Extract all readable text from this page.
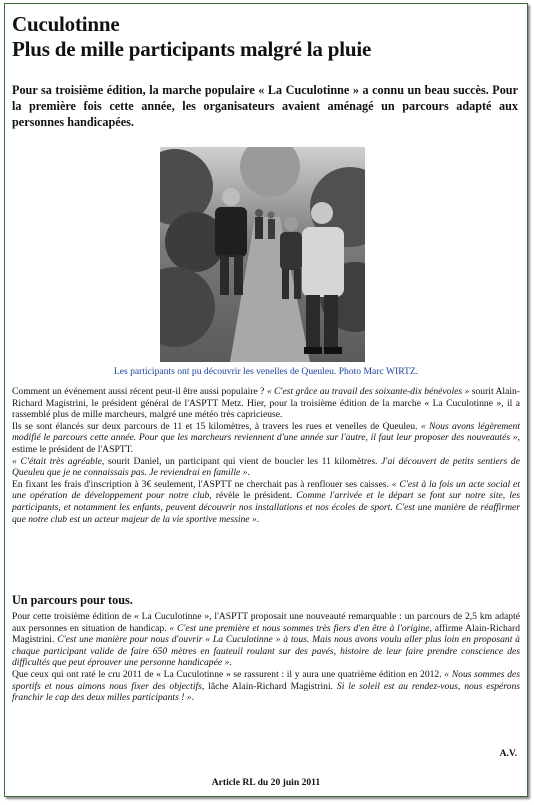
Cuculotinne
Plus de mille participants malgré la pluie

Pour sa troisième édition, la marche populaire « La Cuculotinne » a connu un beau succès. Pour la première fois cette année, les organisateurs avaient aménagé un parcours adapté aux personnes handicapées.

Les participants ont pu découvrir les venelles de Queuleu. Photo Marc WIRTZ.

Comment un événement aussi récent peut-il être aussi populaire ? « C'est grâce au travail des soixante-dix bénévoles » sourit Alain-Richard Magistrini, le président général de l'ASPTT Metz. Hier, pour la troisième édition de la marche « La Cuculotinne », il a rassemblé plus de mille marcheurs, malgré une météo très capricieuse.

Ils se sont élancés sur deux parcours de 11 et 15 kilomètres, à travers les rues et venelles de Queuleu. « Nous avons légèrement modifié le parcours cette année. Pour que les marcheurs reviennent d'une année sur l'autre, il faut leur proposer des nouveautés », estime le président de l'ASPTT.

« C'était très agréable, sourit Daniel, un participant qui vient de boucler les 11 kilomètres. J'ai découvert de petits sentiers de Queuleu que je ne connaissais pas. Je reviendrai en famille ».

En fixant les frais d'inscription à 3€ seulement, l'ASPTT ne cherchait pas à renflouer ses caisses. « C'est à la fois un acte social et une opération de développement pour notre club, révèle le président. Comme l'arrivée et le départ se font sur notre site, les participants, et notamment les enfants, peuvent découvrir nos installations et nos écoles de sport. C'est une manière de réaffirmer que notre club est un acteur majeur de la vie sportive messine ».

Un parcours pour tous.

Pour cette troisième édition de « La Cuculotinne », l'ASPTT proposait une nouveauté remarquable : un parcours de 2,5 km adapté aux personnes en situation de handicap. « C'est une première et nous sommes très fiers d'en être à l'origine, affirme Alain-Richard Magistrini. C'est une manière pour nous d'ouvrir « La Cuculotinne » à tous. Mais nous avons voulu aller plus loin en proposant à chaque participant valide de faire 650 mètres en fauteuil roulant sur des pavés, histoire de leur faire prendre conscience des difficultés que peut éprouver une personne handicapée ».

Que ceux qui ont raté le cru 2011 de « La Cuculotinne » se rassurent : il y aura une quatrième édition en 2012. « Nous sommes des sportifs et nous aimons nous fixer des objectifs, lâche Alain-Richard Magistrini. Si le soleil est au rendez-vous, nous espérons franchir le cap des deux milles participants ! ».

A.V.
Article RL du 20 juin 2011
